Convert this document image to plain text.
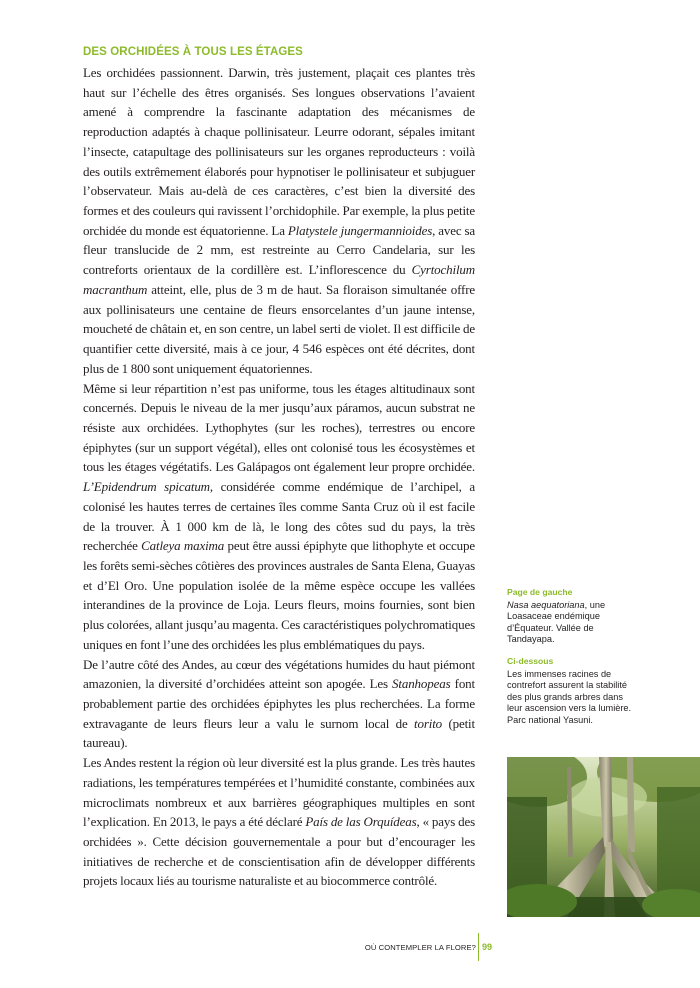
DES ORCHIDÉES À TOUS LES ÉTAGES

Les orchidées passionnent. Darwin, très justement, plaçait ces plantes très haut sur l’échelle des êtres organisés. Ses longues observations l’avaient amené à comprendre la fascinante adaptation des mécanismes de reproduction adaptés à chaque pollinisateur. Leurre odorant, sépales imitant l’insecte, catapultage des pollinisateurs sur les organes reproducteurs : voilà des outils extrêmement élaborés pour hypnotiser le pollinisateur et subjuguer l’observateur. Mais au-delà de ces caractères, c’est bien la diversité des formes et des couleurs qui ravissent l’orchidophile. Par exemple, la plus petite orchidée du monde est équatorienne. La Platystele jungermannioides, avec sa fleur translucide de 2 mm, est restreinte au Cerro Candelaria, sur les contreforts orientaux de la cordillère est. L’inflorescence du Cyrtochilum macranthum atteint, elle, plus de 3 m de haut. Sa floraison simultanée offre aux pollinisateurs une centaine de fleurs ensorcelantes d’un jaune intense, moucheté de châtain et, en son centre, un label serti de violet. Il est difficile de quantifier cette diversité, mais à ce jour, 4 546 espèces ont été décrites, dont plus de 1 800 sont uniquement équatoriennes.

Même si leur répartition n’est pas uniforme, tous les étages altitudinaux sont concernés. Depuis le niveau de la mer jusqu’aux páramos, aucun substrat ne résiste aux orchidées. Lythophytes (sur les roches), terrestres ou encore épiphytes (sur un support végétal), elles ont colonisé tous les écosystèmes et tous les étages végétatifs. Les Galápagos ont également leur propre orchidée. L’Epidendrum spicatum, considérée comme endémique de l’archipel, a colonisé les hautes terres de certaines îles comme Santa Cruz où il est facile de la trouver. À 1 000 km de là, le long des côtes sud du pays, la très recherchée Catleya maxima peut être aussi épiphyte que lithophyte et occupe les forêts semi-sèches côtières des provinces australes de Santa Elena, Guayas et d’El Oro. Une population isolée de la même espèce occupe les vallées interandines de la province de Loja. Leurs fleurs, moins fournies, sont bien plus colorées, allant jusqu’au magenta. Ces caractéristiques polychromatiques uniques en font l’une des orchidées les plus emblématiques du pays.

De l’autre côté des Andes, au cœur des végétations humides du haut piémont amazonien, la diversité d’orchidées atteint son apogée. Les Stanhopeas font probablement partie des orchidées épiphytes les plus recherchées. La forme extravagante de leurs fleurs leur a valu le surnom local de torito (petit taureau).

Les Andes restent la région où leur diversité est la plus grande. Les très hautes radiations, les températures tempérées et l’humidité constante, combinées aux microclimats nombreux et aux barrières géographiques multiples en sont l’explication. En 2013, le pays a été déclaré País de las Orquídeas, « pays des orchidées ». Cette décision gouvernementale a pour but d’encourager les initiatives de recherche et de conscientisation afin de développer différents projets locaux liés au tourisme naturaliste et au biocommerce contrôlé.

Page de gauche

Nasa aequatoriana, une Loasaceae endémique d’Équateur. Vallée de Tandayapa.

Ci-dessous

Les immenses racines de contrefort assurent la stabilité des plus grands arbres dans leur ascension vers la lumière. Parc national Yasuni.

OÙ CONTEMPLER LA FLORE? 99
